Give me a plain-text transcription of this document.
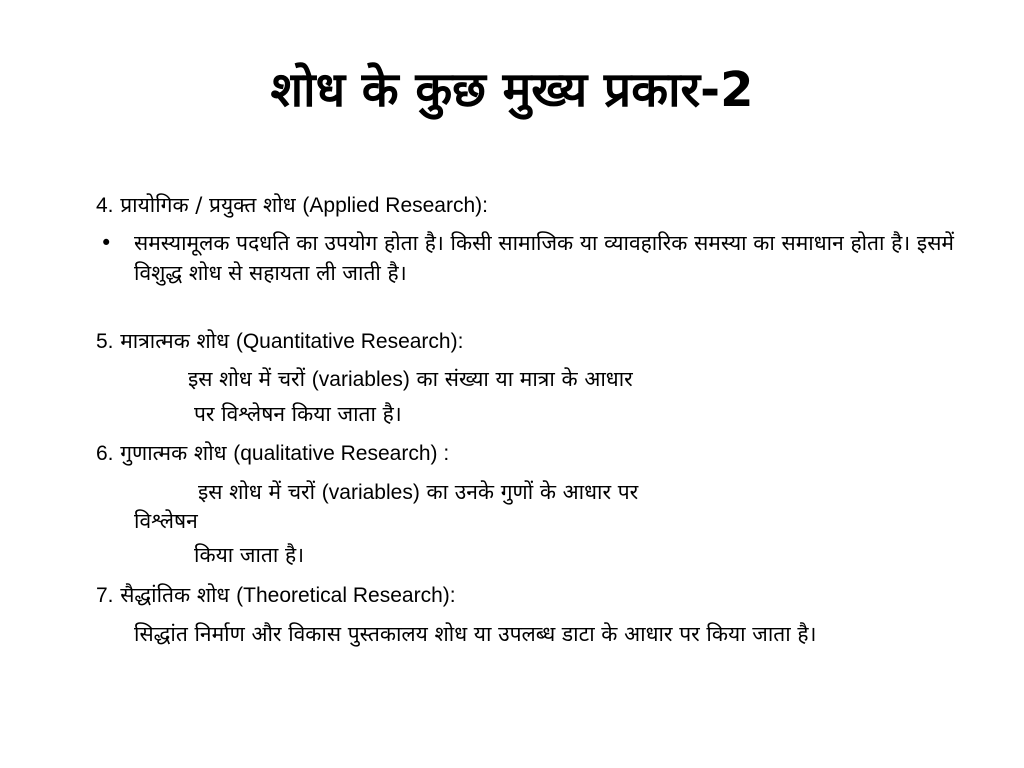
शोध के कुछ मुख्य प्रकार-2
4. प्रायोगिक / प्रयुक्त शोध (Applied Research):
• समस्यामूलक पदधति का उपयोग होता है। किसी सामाजिक या व्यावहारिक समस्या का समाधान होता है। इसमें विशुद्ध शोध से सहायता ली जाती है।
5. मात्रात्मक शोध (Quantitative Research):
इस शोध में चरों (variables) का संख्या या मात्रा के आधार
पर विश्लेषन किया जाता है।
6. गुणात्मक शोध (qualitative Research) :
इस शोध में चरों (variables) का उनके गुणों के आधार पर
विश्लेषन
किया जाता है।
7. सैद्धांतिक शोध (Theoretical Research):
सिद्धांत निर्माण और विकास पुस्तकालय शोध या उपलब्ध डाटा के आधार पर किया जाता है।
